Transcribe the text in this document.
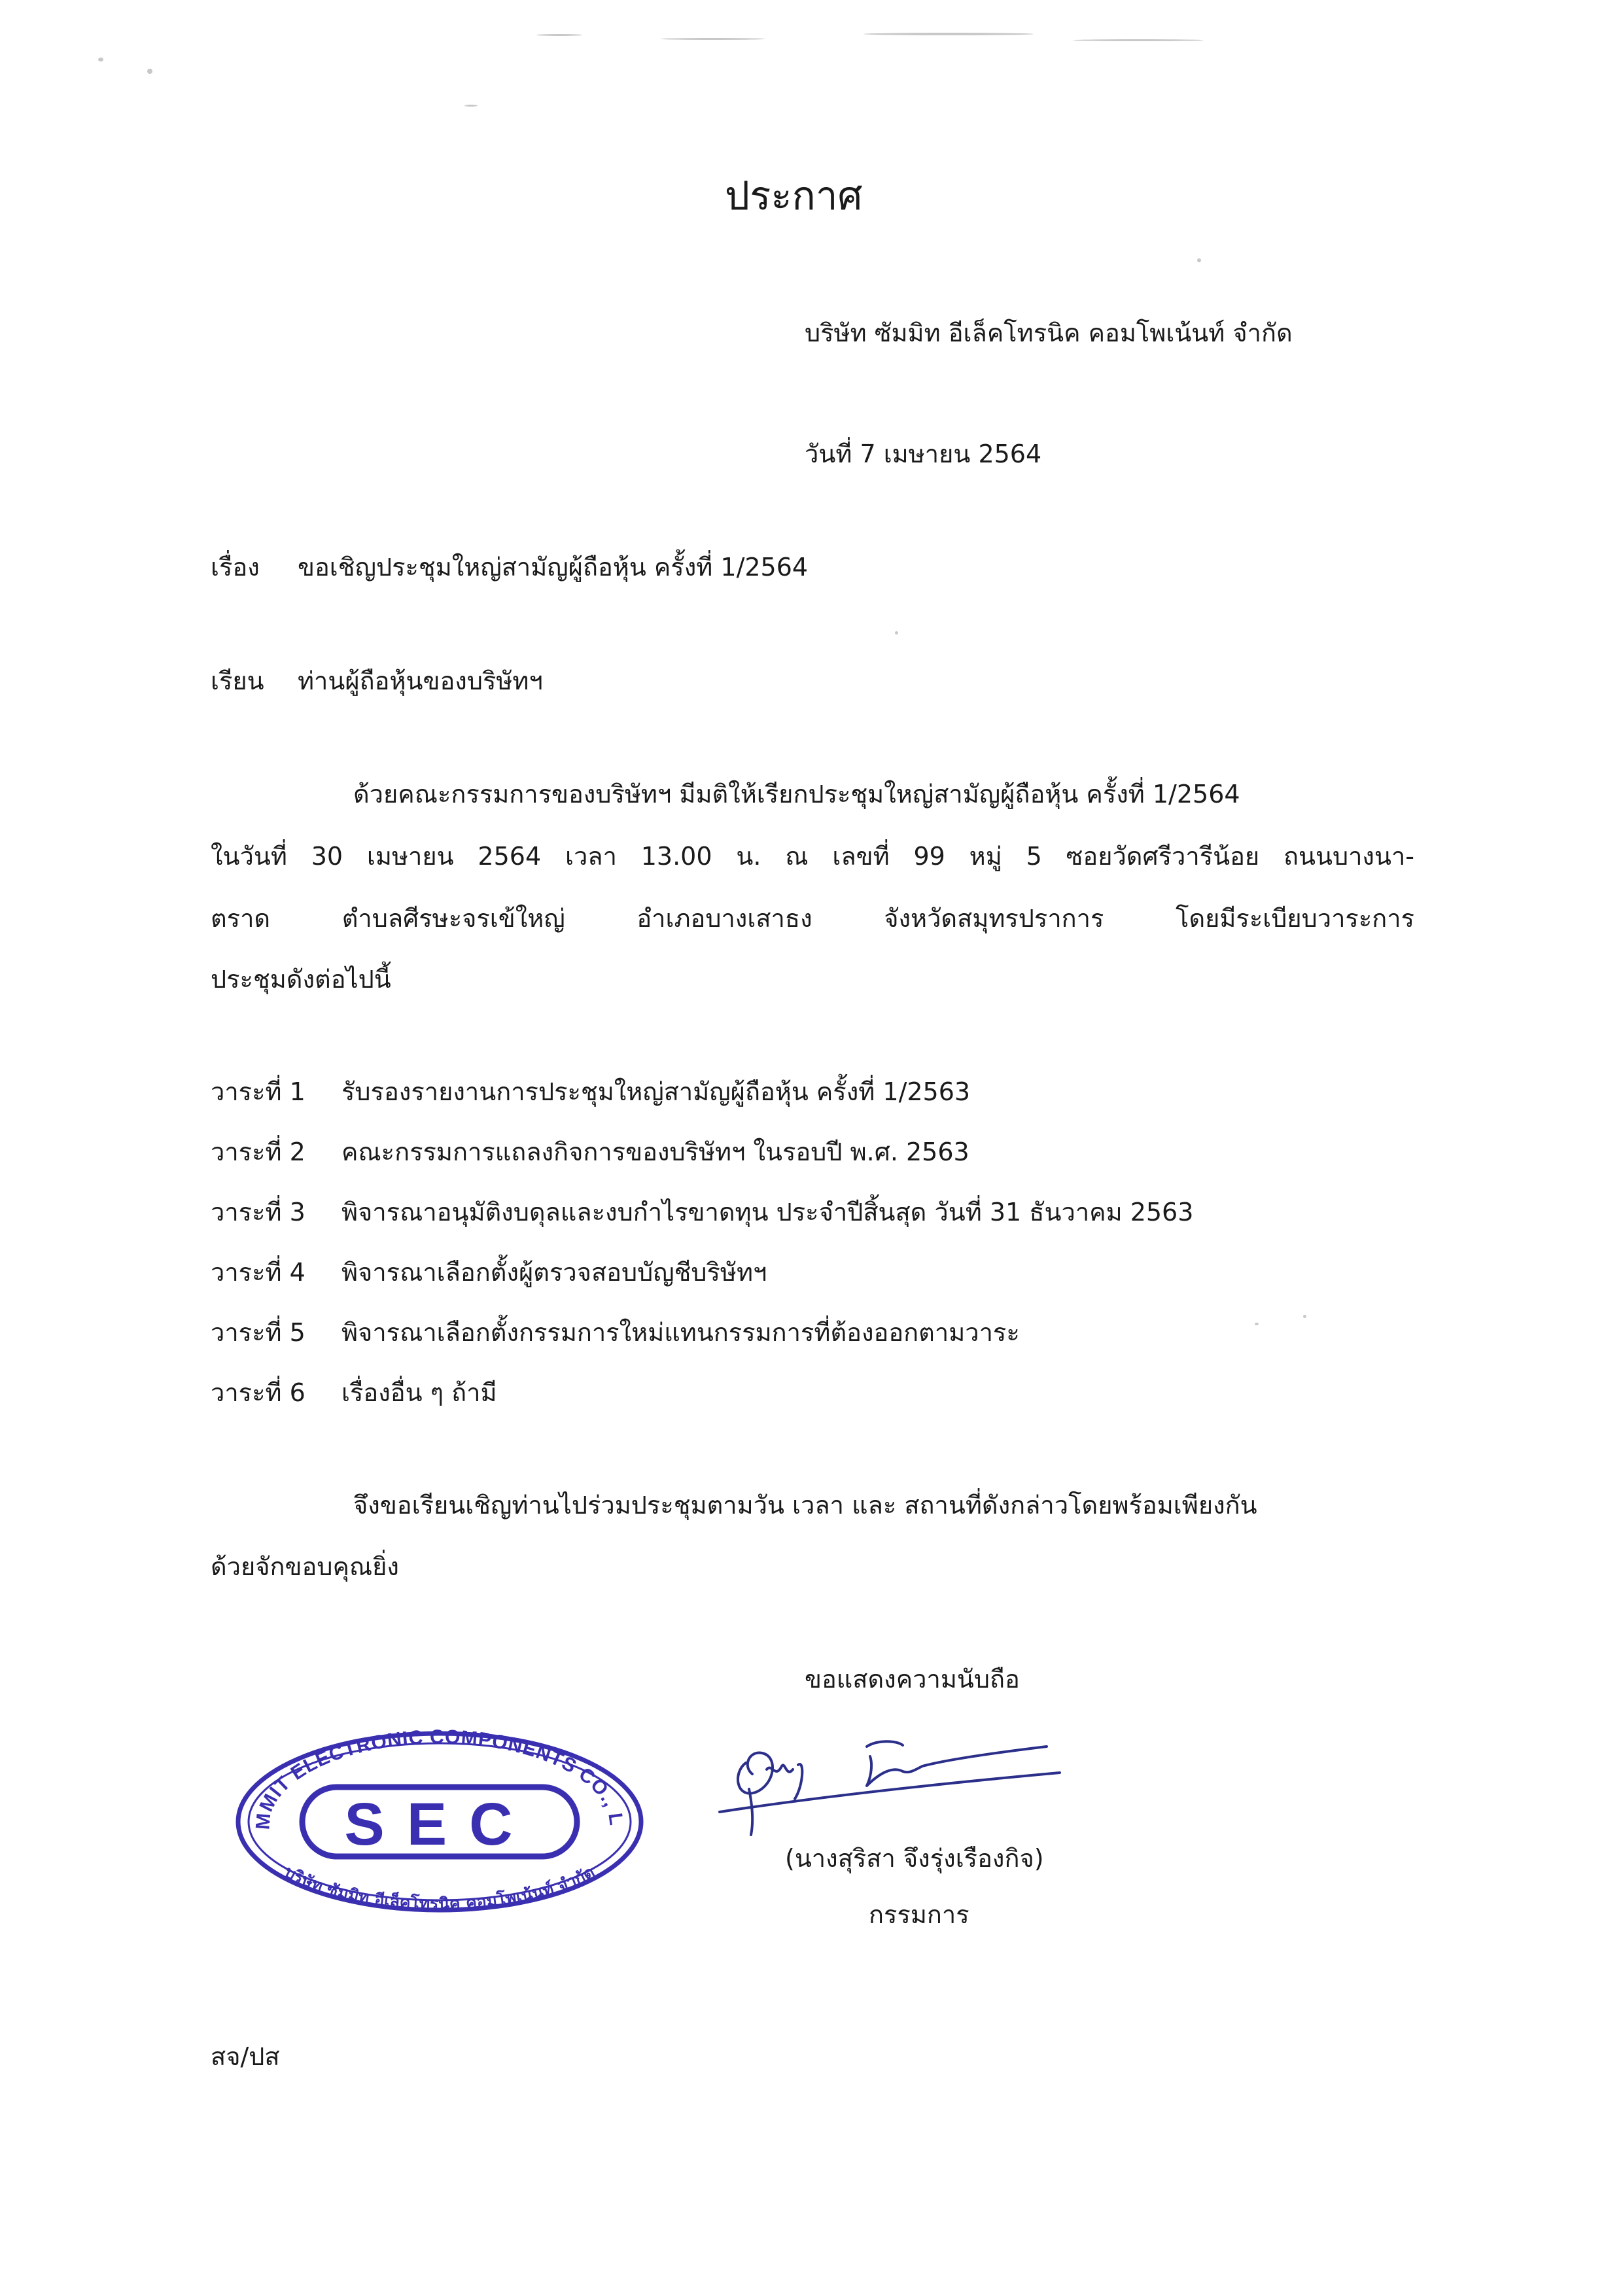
ประกาศ
บริษัท ซัมมิท อีเล็คโทรนิค คอมโพเน้นท์ จำกัด
วันที่ 7 เมษายน 2564
เรื่อง ขอเชิญประชุมใหญ่สามัญผู้ถือหุ้น ครั้งที่ 1/2564
เรียน ท่านผู้ถือหุ้นของบริษัทฯ
ด้วยคณะกรรมการของบริษัทฯ มีมติให้เรียกประชุมใหญ่สามัญผู้ถือหุ้น ครั้งที่ 1/2564
ในวันที่ 30 เมษายน 2564 เวลา 13.00 น. ณ เลขที่ 99 หมู่ 5 ซอยวัดศรีวารีน้อย ถนนบางนา-
ตราด ตำบลศีรษะจรเข้ใหญ่ อำเภอบางเสาธง จังหวัดสมุทรปราการ โดยมีระเบียบวาระการ
ประชุมดังต่อไปนี้
วาระที่ 1 รับรองรายงานการประชุมใหญ่สามัญผู้ถือหุ้น ครั้งที่ 1/2563
วาระที่ 2 คณะกรรมการแถลงกิจการของบริษัทฯ ในรอบปี พ.ศ. 2563
วาระที่ 3 พิจารณาอนุมัติงบดุลและงบกำไรขาดทุน ประจำปีสิ้นสุด วันที่ 31 ธันวาคม 2563
วาระที่ 4 พิจารณาเลือกตั้งผู้ตรวจสอบบัญชีบริษัทฯ
วาระที่ 5 พิจารณาเลือกตั้งกรรมการใหม่แทนกรรมการที่ต้องออกตามวาระ
วาระที่ 6 เรื่องอื่น ๆ ถ้ามี
จึงขอเรียนเชิญท่านไปร่วมประชุมตามวัน เวลา และ สถานที่ดังกล่าวโดยพร้อมเพียงกัน
ด้วยจักขอบคุณยิ่ง
ขอแสดงความนับถือ
(นางสุริสา จึงรุ่งเรืองกิจ)
กรรมการ
MMIT ELECTRONIC COMPONENTS CO., L
SEC
บริษัท ซัมมิท อีเล็คโทรนิค คอมโพเน้นท์ จำกัด
สจ/ปส
